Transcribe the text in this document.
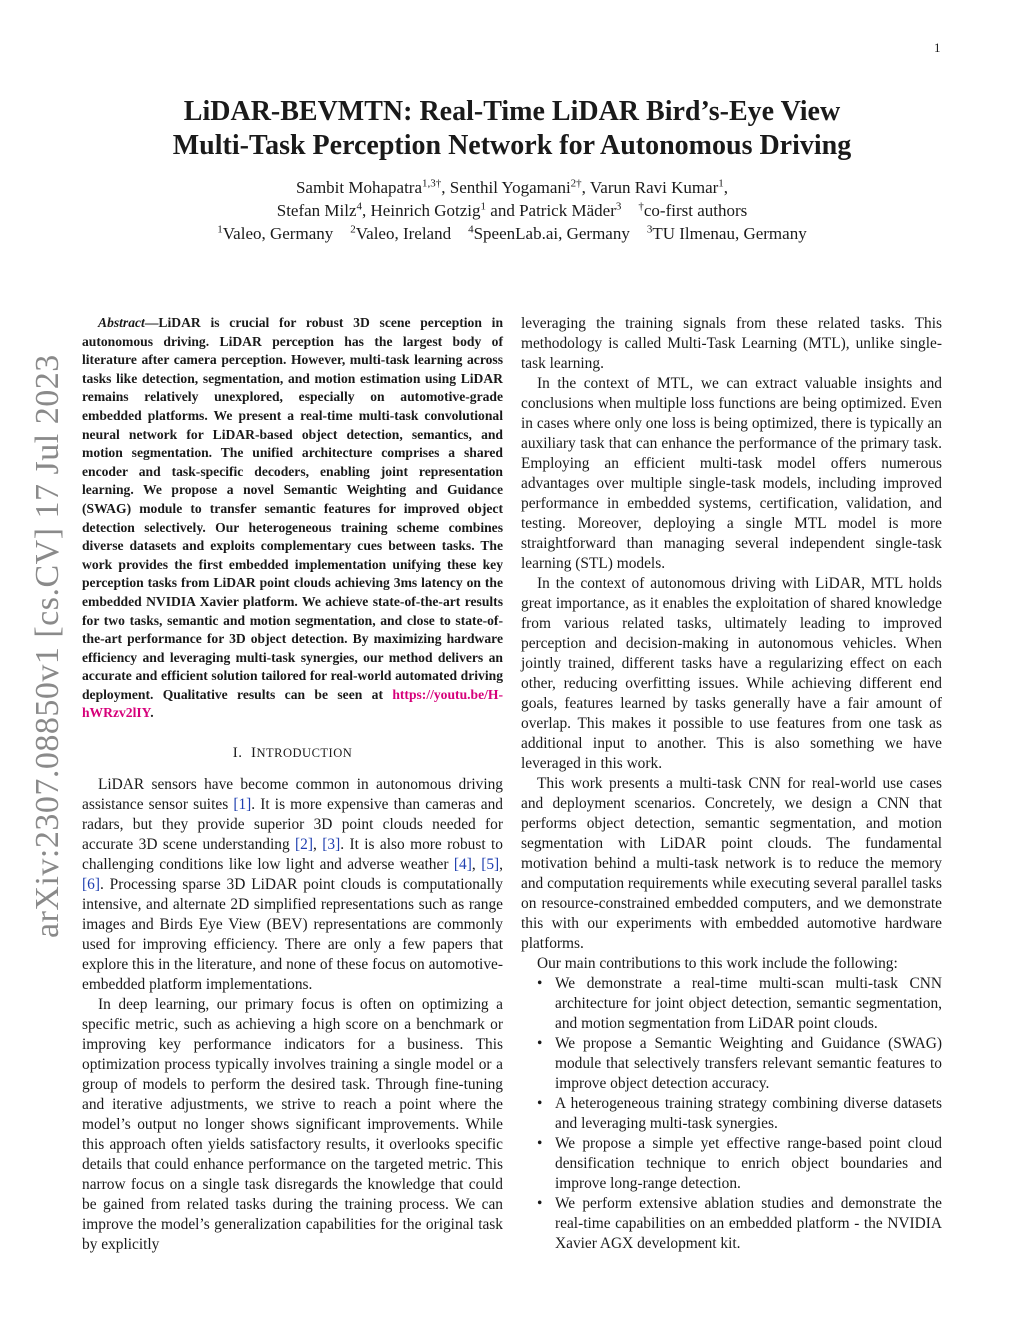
1
arXiv:2307.08850v1 [cs.CV] 17 Jul 2023
LiDAR-BEVMTN: Real-Time LiDAR Bird’s-Eye View
Multi-Task Perception Network for Autonomous Driving
Sambit Mohapatra$^{1,3\dagger}$, Senthil Yogamani$^{2\dagger}$, Varun Ravi Kumar$^1$,
Stefan Milz$^4$, Heinrich Gotzig$^1$ and Patrick Mäder$^3$ †co-first authors
$^1$Valeo, Germany $^2$Valeo, Ireland $^4$SpeenLab.ai, Germany $^3$TU Ilmenau, Germany

Abstract—LiDAR is crucial for robust 3D scene perception in autonomous driving. LiDAR perception has the largest body of literature after camera perception. However, multi-task learning across tasks like detection, segmentation, and motion estimation using LiDAR remains relatively unexplored, especially on automotive-grade embedded platforms. We present a real-time multi-task convolutional neural network for LiDAR-based object detection, semantics, and motion segmentation. The unified architecture comprises a shared encoder and task-specific decoders, enabling joint representation learning. We propose a novel Semantic Weighting and Guidance (SWAG) module to transfer semantic features for improved object detection selectively. Our heterogeneous training scheme combines diverse datasets and exploits complementary cues between tasks. The work provides the first embedded implementation unifying these key perception tasks from LiDAR point clouds achieving 3ms latency on the embedded NVIDIA Xavier platform. We achieve state-of-the-art results for two tasks, semantic and motion segmentation, and close to state-of-the-art performance for 3D object detection. By maximizing hardware efficiency and leveraging multi-task synergies, our method delivers an accurate and efficient solution tailored for real-world automated driving deployment. Qualitative results can be seen at https://youtu.be/H-hWRzv2lIY.

I. INTRODUCTION

LiDAR sensors have become common in autonomous driving assistance sensor suites [1]. It is more expensive than cameras and radars, but they provide superior 3D point clouds needed for accurate 3D scene understanding [2], [3]. It is also more robust to challenging conditions like low light and adverse weather [4], [5], [6]. Processing sparse 3D LiDAR point clouds is computationally intensive, and alternate 2D simplified representations such as range images and Birds Eye View (BEV) representations are commonly used for improving efficiency. There are only a few papers that explore this in the literature, and none of these focus on automotive-embedded platform implementations.

In deep learning, our primary focus is often on optimizing a specific metric, such as achieving a high score on a benchmark or improving key performance indicators for a business. This optimization process typically involves training a single model or a group of models to perform the desired task. Through fine-tuning and iterative adjustments, we strive to reach a point where the model’s output no longer shows significant improvements. While this approach often yields satisfactory results, it overlooks specific details that could enhance performance on the targeted metric. This narrow focus on a single task disregards the knowledge that could be gained from related tasks during the training process. We can improve the model’s generalization capabilities for the original task by explicitly

leveraging the training signals from these related tasks. This methodology is called Multi-Task Learning (MTL), unlike single-task learning.

In the context of MTL, we can extract valuable insights and conclusions when multiple loss functions are being optimized. Even in cases where only one loss is being optimized, there is typically an auxiliary task that can enhance the performance of the primary task. Employing an efficient multi-task model offers numerous advantages over multiple single-task models, including improved performance in embedded systems, certification, validation, and testing. Moreover, deploying a single MTL model is more straightforward than managing several independent single-task learning (STL) models.

In the context of autonomous driving with LiDAR, MTL holds great importance, as it enables the exploitation of shared knowledge from various related tasks, ultimately leading to improved perception and decision-making in autonomous vehicles. When jointly trained, different tasks have a regularizing effect on each other, reducing overfitting issues. While achieving different end goals, features learned by tasks generally have a fair amount of overlap. This makes it possible to use features from one task as additional input to another. This is also something we have leveraged in this work.

This work presents a multi-task CNN for real-world use cases and deployment scenarios. Concretely, we design a CNN that performs object detection, semantic segmentation, and motion segmentation with LiDAR point clouds. The fundamental motivation behind a multi-task network is to reduce the memory and computation requirements while executing several parallel tasks on resource-constrained embedded computers, and we demonstrate this with our experiments with embedded automotive hardware platforms.

Our main contributions to this work include the following:

• We demonstrate a real-time multi-scan multi-task CNN architecture for joint object detection, semantic segmentation, and motion segmentation from LiDAR point clouds.
• We propose a Semantic Weighting and Guidance (SWAG) module that selectively transfers relevant semantic features to improve object detection accuracy.
• A heterogeneous training strategy combining diverse datasets and leveraging multi-task synergies.
• We propose a simple yet effective range-based point cloud densification technique to enrich object boundaries and improve long-range detection.
• We perform extensive ablation studies and demonstrate the real-time capabilities on an embedded platform - the NVIDIA Xavier AGX development kit.
